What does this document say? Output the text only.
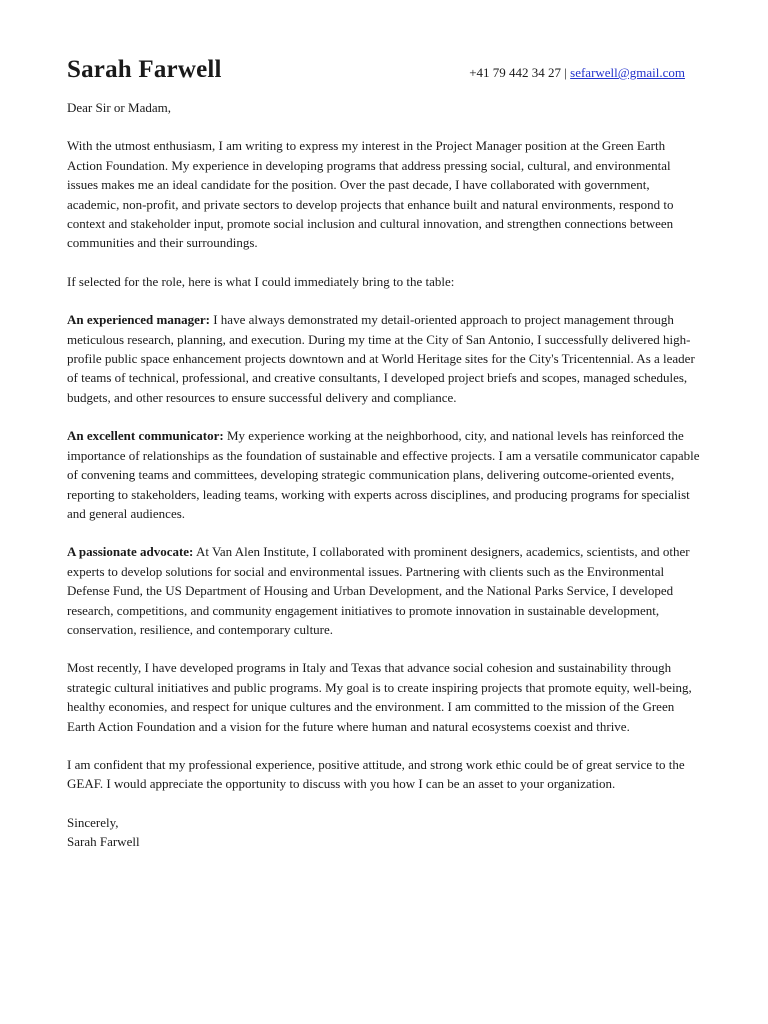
Sarah Farwell	+41 79 442 34 27 | sefarwell@gmail.com

Dear Sir or Madam,

With the utmost enthusiasm, I am writing to express my interest in the Project Manager position at the Green Earth Action Foundation. My experience in developing programs that address pressing social, cultural, and environmental issues makes me an ideal candidate for the position. Over the past decade, I have collaborated with government, academic, non-profit, and private sectors to develop projects that enhance built and natural environments, respond to context and stakeholder input, promote social inclusion and cultural innovation, and strengthen connections between communities and their surroundings.

If selected for the role, here is what I could immediately bring to the table:

An experienced manager: I have always demonstrated my detail-oriented approach to project management through meticulous research, planning, and execution. During my time at the City of San Antonio, I successfully delivered high-profile public space enhancement projects downtown and at World Heritage sites for the City's Tricentennial. As a leader of teams of technical, professional, and creative consultants, I developed project briefs and scopes, managed schedules, budgets, and other resources to ensure successful delivery and compliance.

An excellent communicator: My experience working at the neighborhood, city, and national levels has reinforced the importance of relationships as the foundation of sustainable and effective projects. I am a versatile communicator capable of convening teams and committees, developing strategic communication plans, delivering outcome-oriented events, reporting to stakeholders, leading teams, working with experts across disciplines, and producing programs for specialist and general audiences.

A passionate advocate: At Van Alen Institute, I collaborated with prominent designers, academics, scientists, and other experts to develop solutions for social and environmental issues. Partnering with clients such as the Environmental Defense Fund, the US Department of Housing and Urban Development, and the National Parks Service, I developed research, competitions, and community engagement initiatives to promote innovation in sustainable development, conservation, resilience, and contemporary culture.

Most recently, I have developed programs in Italy and Texas that advance social cohesion and sustainability through strategic cultural initiatives and public programs. My goal is to create inspiring projects that promote equity, well-being, healthy economies, and respect for unique cultures and the environment. I am committed to the mission of the Green Earth Action Foundation and a vision for the future where human and natural ecosystems coexist and thrive.

I am confident that my professional experience, positive attitude, and strong work ethic could be of great service to the GEAF. I would appreciate the opportunity to discuss with you how I can be an asset to your organization.

Sincerely,

Sarah Farwell
